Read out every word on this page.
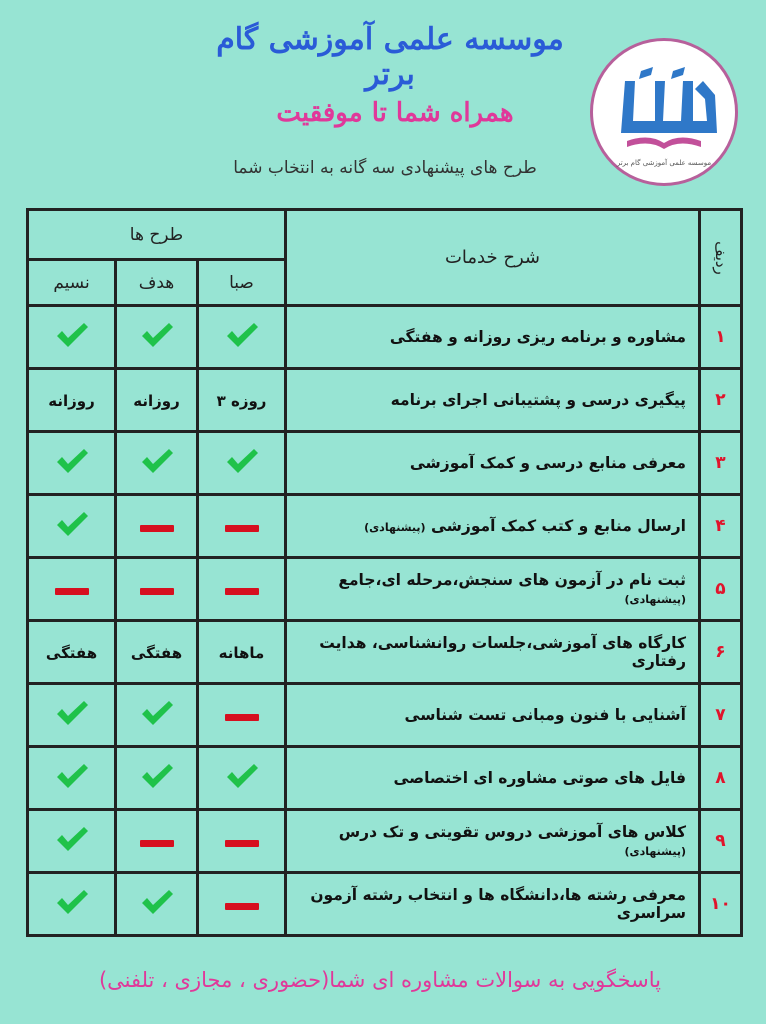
موسسه علمی آموزشی گام برتر
همراه شما تا موفقیت
طرح های پیشنهادی سه گانه به انتخاب شما	موسسه علمی آموزشی گام برتر
طرح ها			شرح خدمات	ردیف
نسیم	هدف	صبا		
			مشاوره و برنامه ریزی روزانه و هفتگی	۱
روزانه	روزانه	۳ روزه	پیگیری درسی و پشتیبانی اجرای برنامه	۲
			معرفی منابع درسی و کمک آموزشی	۳
			ارسال منابع و کتب کمک آموزشی (پیشنهادی)	۴
			ثبت نام در آزمون های سنجش،مرحله ای،جامع (پیشنهادی)	۵
هفتگی	هفتگی	ماهانه	کارگاه های آموزشی،جلسات روانشناسی، هدایت رفتاری	۶
			آشنایی با فنون ومبانی تست شناسی	۷
			فایل های صوتی مشاوره ای اختصاصی	۸
			کلاس های آموزشی دروس تقویتی و تک درس (پیشنهادی)	۹
			معرفی رشته ها،دانشگاه ها و انتخاب رشته آزمون سراسری	۱۰
پاسخگویی به سوالات مشاوره ای شما(حضوری ، مجازی ، تلفنی)
